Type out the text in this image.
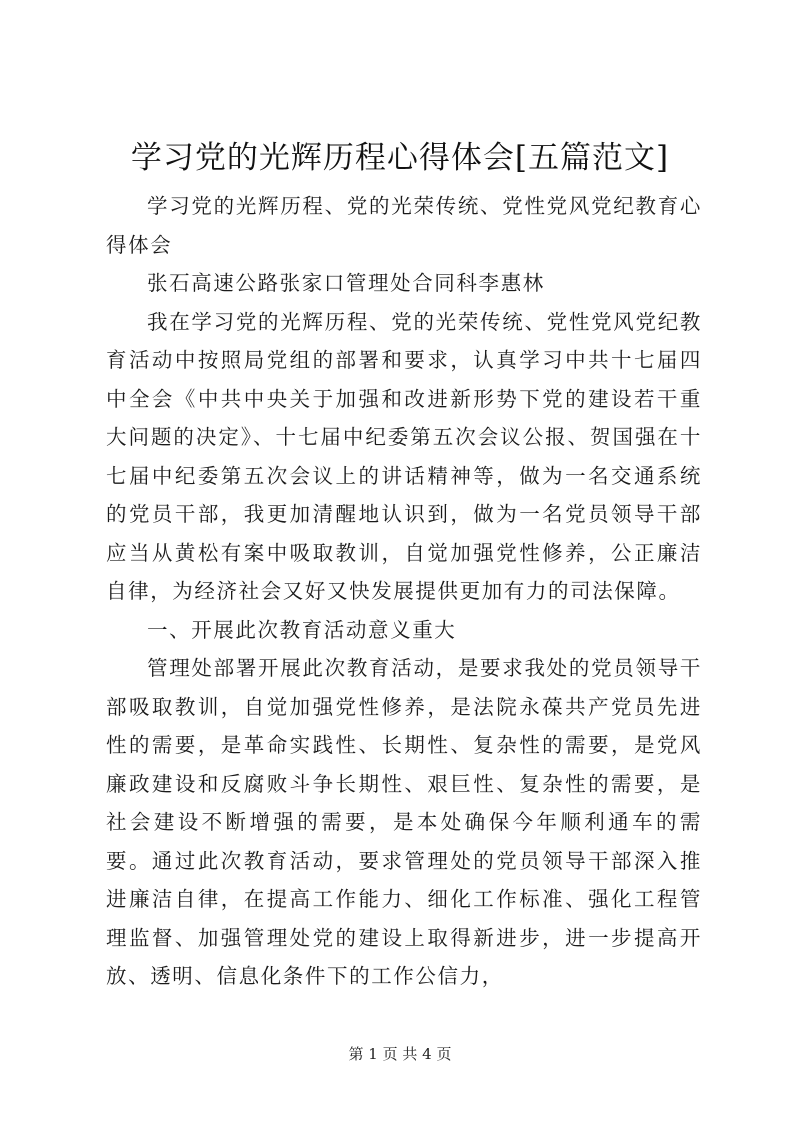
学习党的光辉历程心得体会[五篇范文]

学习党的光辉历程、党的光荣传统、党性党风党纪教育心得体会

张石高速公路张家口管理处合同科李惠林

我在学习党的光辉历程、党的光荣传统、党性党风党纪教育活动中按照局党组的部署和要求，认真学习中共十七届四中全会《中共中央关于加强和改进新形势下党的建设若干重大问题的决定》、十七届中纪委第五次会议公报、贺国强在十七届中纪委第五次会议上的讲话精神等，做为一名交通系统的党员干部，我更加清醒地认识到，做为一名党员领导干部应当从黄松有案中吸取教训，自觉加强党性修养，公正廉洁自律，为经济社会又好又快发展提供更加有力的司法保障。

一、开展此次教育活动意义重大

管理处部署开展此次教育活动，是要求我处的党员领导干部吸取教训，自觉加强党性修养，是法院永葆共产党员先进性的需要，是革命实践性、长期性、复杂性的需要，是党风廉政建设和反腐败斗争长期性、艰巨性、复杂性的需要，是社会建设不断增强的需要，是本处确保今年顺利通车的需要。通过此次教育活动，要求管理处的党员领导干部深入推进廉洁自律，在提高工作能力、细化工作标准、强化工程管理监督、加强管理处党的建设上取得新进步，进一步提高开放、透明、信息化条件下的工作公信力，

第 1 页 共 4 页
